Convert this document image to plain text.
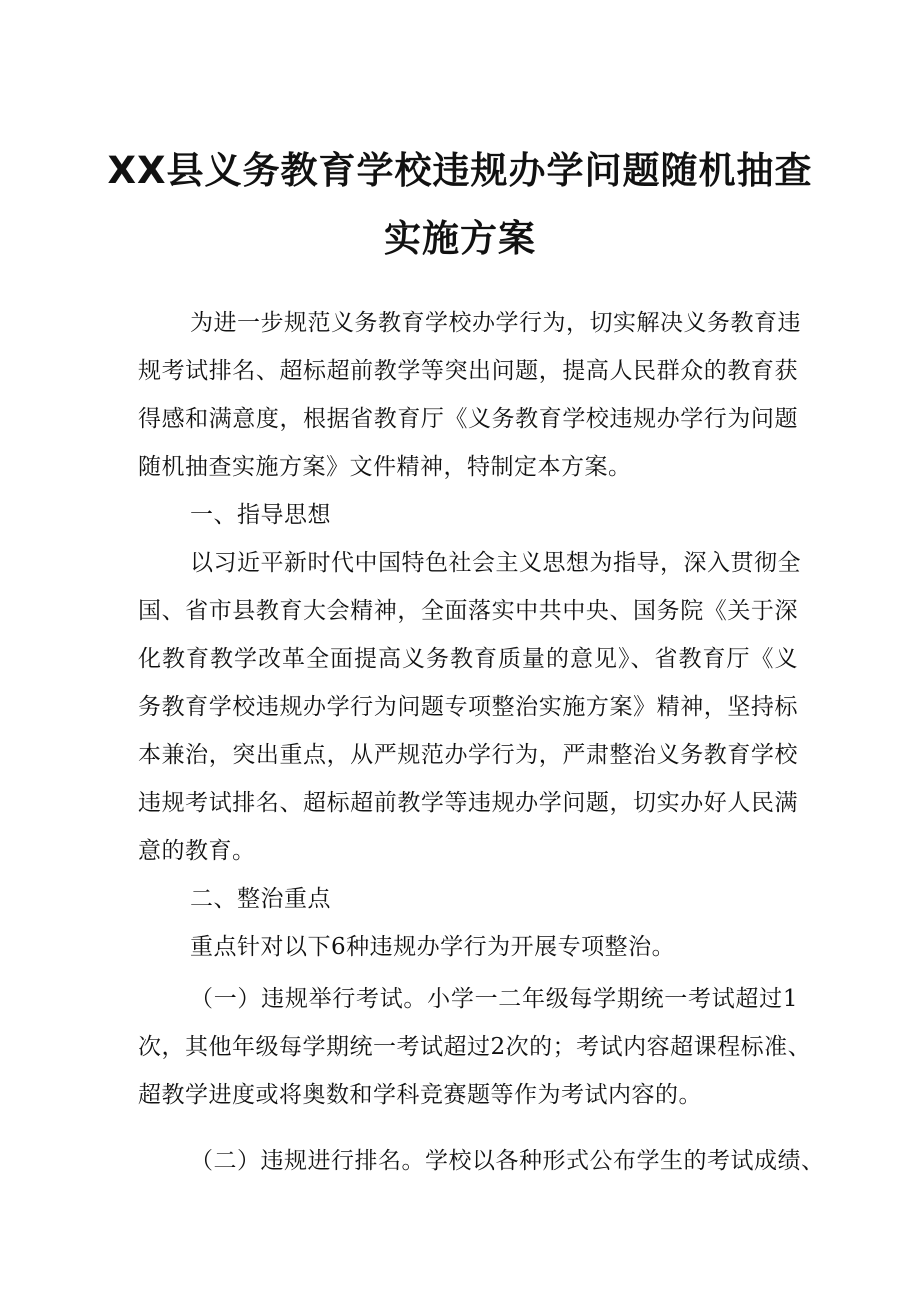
XX县义务教育学校违规办学问题随机抽查
实施方案
为进一步规范义务教育学校办学行为，切实解决义务教育违
规考试排名、超标超前教学等突出问题，提高人民群众的教育获
得感和满意度，根据省教育厅《义务教育学校违规办学行为问题
随机抽查实施方案》文件精神，特制定本方案。
一、指导思想
以习近平新时代中国特色社会主义思想为指导，深入贯彻全
国、省市县教育大会精神，全面落实中共中央、国务院《关于深
化教育教学改革全面提高义务教育质量的意见》、省教育厅《义
务教育学校违规办学行为问题专项整治实施方案》精神，坚持标
本兼治，突出重点，从严规范办学行为，严肃整治义务教育学校
违规考试排名、超标超前教学等违规办学问题，切实办好人民满
意的教育。
二、整治重点
重点针对以下6种违规办学行为开展专项整治。
（一）违规举行考试。小学一二年级每学期统一考试超过1
次，其他年级每学期统一考试超过2次的；考试内容超课程标准、
超教学进度或将奥数和学科竞赛题等作为考试内容的。
（二）违规进行排名。学校以各种形式公布学生的考试成绩、
